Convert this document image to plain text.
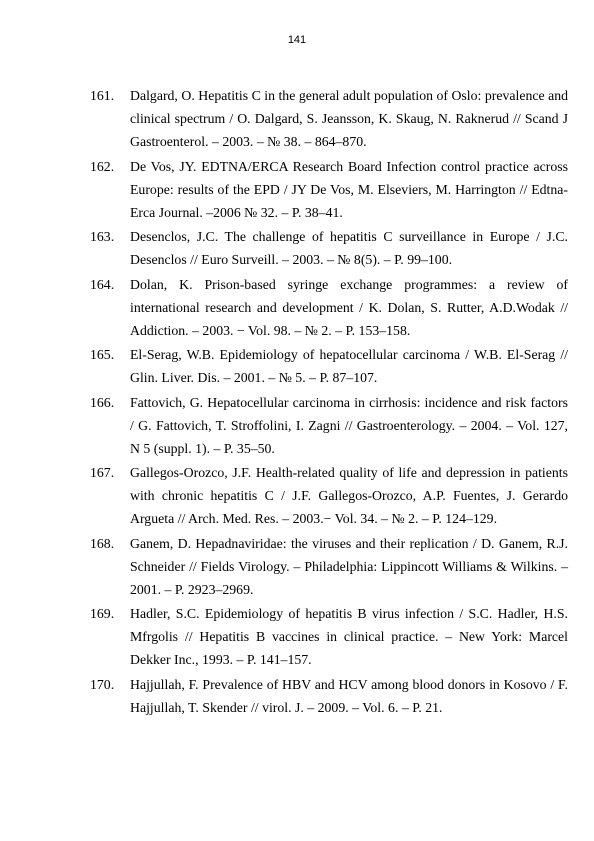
141

161. Dalgard, O. Hepatitis C in the general adult population of Oslo: prevalence and clinical spectrum / O. Dalgard, S. Jeansson, K. Skaug, N. Raknerud // Scand J Gastroenterol. – 2003. – № 38. – 864–870.

162. De Vos, JY. EDTNA/ERCA Research Board Infection control practice across Europe: results of the EPD / JY De Vos, M. Elseviers, M. Harrington // Edtna-Erca Journal. –2006 № 32. – P. 38–41.

163. Desenclos, J.C. The challenge of hepatitis C surveillance in Europe / J.C. Desenclos // Euro Surveill. – 2003. – № 8(5). – P. 99–100.

164. Dolan, K. Prison-based syringe exchange programmes: a review of international research and development / K. Dolan, S. Rutter, A.D.Wodak // Addiction. – 2003. − Vol. 98. – № 2. – P. 153–158.

165. El-Serag, W.B. Epidemiology of hepatocellular carcinoma / W.B. El-Serag // Glin. Liver. Dis. – 2001. – № 5. – P. 87–107.

166. Fattovich, G. Hepatocellular carcinoma in cirrhosis: incidence and risk factors / G. Fattovich, T. Stroffolini, I. Zagni // Gastroenterology. – 2004. – Vol. 127, N 5 (suppl. 1). – P. 35–50.

167. Gallegos-Orozco, J.F. Health-related quality of life and depression in patients with chronic hepatitis C / J.F. Gallegos-Orozco, A.P. Fuentes, J. Gerardo Argueta // Arch. Med. Res. – 2003.− Vol. 34. – № 2. – P. 124–129.

168. Ganem, D. Hepadnaviridae: the viruses and their replication / D. Ganem, R.J. Schneider // Fields Virology. – Philadelphia: Lippincott Williams & Wilkins. – 2001. – P. 2923–2969.

169. Hadler, S.C. Epidemiology of hepatitis B virus infection / S.C. Hadler, H.S. Mfrgolis // Hepatitis B vaccines in clinical practice. – New York: Marcel Dekker Inc., 1993. – P. 141–157.

170. Hajjullah, F. Prevalence of HBV and HCV among blood donors in Kosovo / F. Hajjullah, T. Skender // virol. J. – 2009. – Vol. 6. – P. 21.
